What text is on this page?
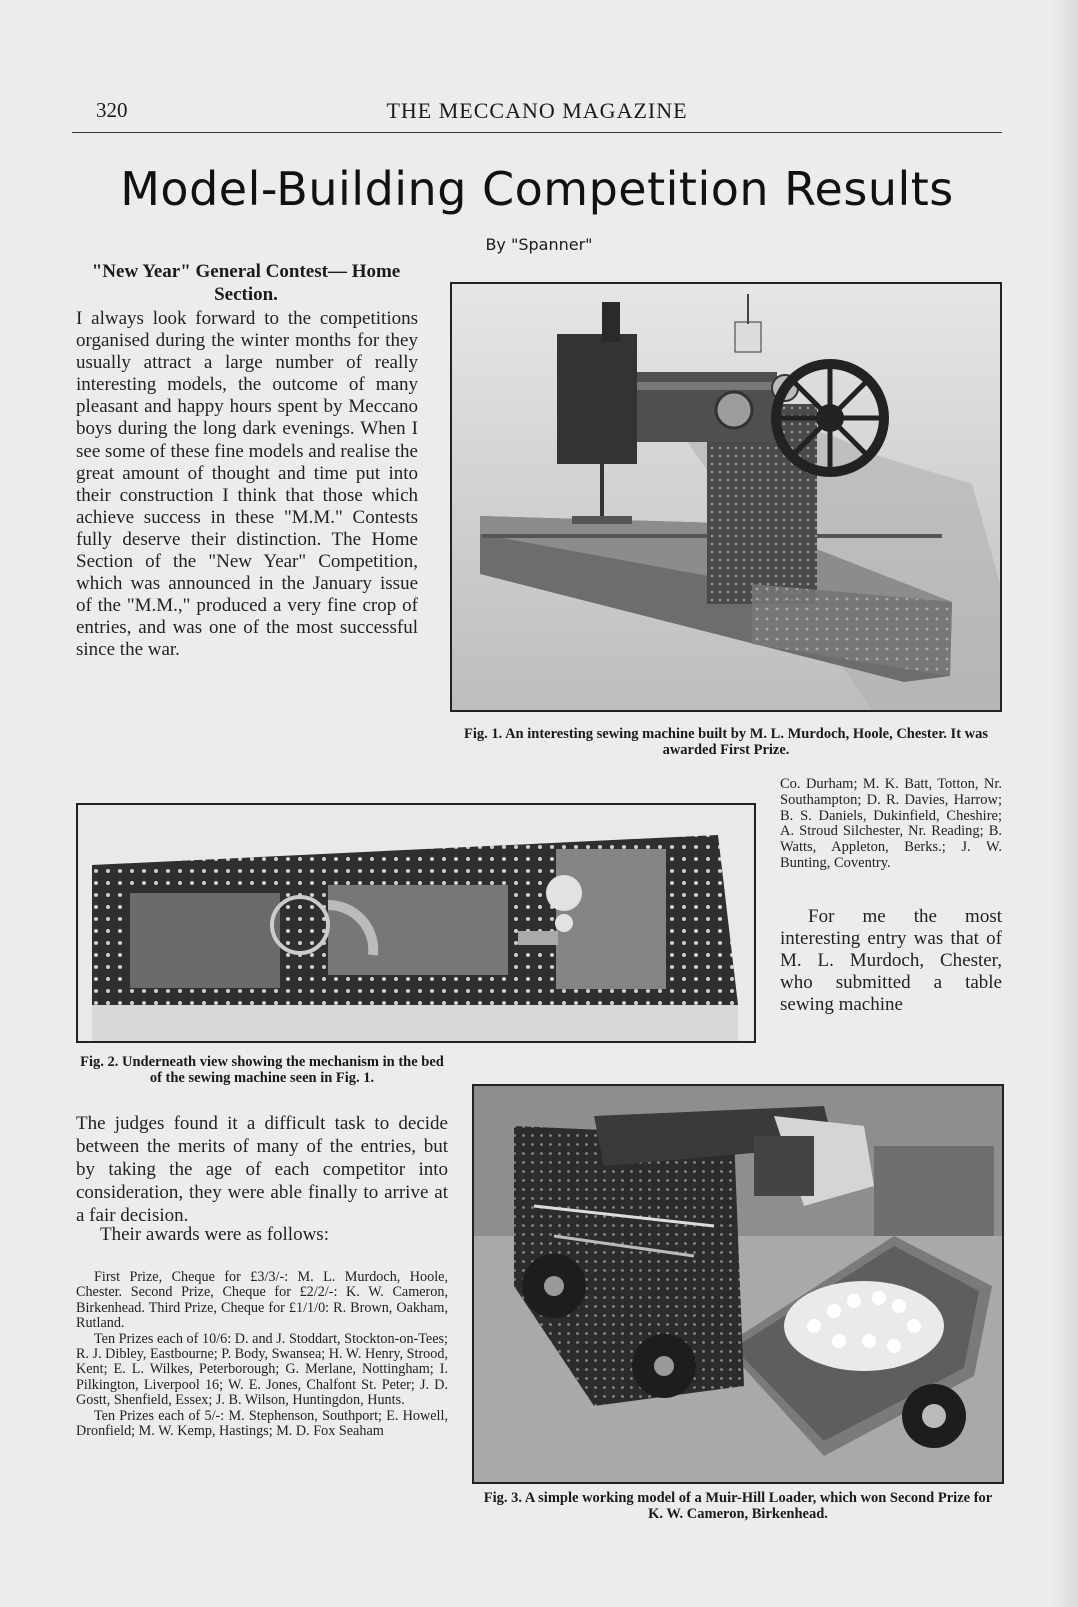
320	THE MECCANO MAGAZINE
Model-Building Competition Results
By "Spanner"
"New Year" General Contest— Home Section.
I always look forward to the competitions organised during the winter months for they usually attract a large number of really interesting models, the outcome of many pleasant and happy hours spent by Meccano boys during the long dark evenings. When I see some of these fine models and realise the great amount of thought and time put into their construction I think that those which achieve success in these "M.M." Contests fully deserve their distinction. The Home Section of the "New Year" Competition, which was announced in the January issue of the "M.M.," produced a very fine crop of entries, and was one of the most successful since the war.
Fig. 1. An interesting sewing machine built by M. L. Murdoch, Hoole, Chester. It was awarded First Prize.
Co. Durham; M. K. Batt, Totton, Nr. Southampton; D. R. Davies, Harrow; B. S. Daniels, Dukinfield, Cheshire; A. Stroud Silchester, Nr. Reading; B. Watts, Appleton, Berks.; J. W. Bunting, Coventry.
For me the most interesting entry was that of M. L. Murdoch, Chester, who submitted a table sewing machine
Fig. 2. Underneath view showing the mechanism in the bed of the sewing machine seen in Fig. 1.
The judges found it a difficult task to decide between the merits of many of the entries, but by taking the age of each competitor into consideration, they were able finally to arrive at a fair decision.
Their awards were as follows:

First Prize, Cheque for £3/3/-: M. L. Murdoch, Hoole, Chester. Second Prize, Cheque for £2/2/-: K. W. Cameron, Birkenhead. Third Prize, Cheque for £1/1/0: R. Brown, Oakham, Rutland.

Ten Prizes each of 10/6: D. and J. Stoddart, Stockton-on-Tees; R. J. Dibley, Eastbourne; P. Body, Swansea; H. W. Henry, Strood, Kent; E. L. Wilkes, Peterborough; G. Merlane, Nottingham; I. Pilkington, Liverpool 16; W. E. Jones, Chalfont St. Peter; J. D. Gostt, Shenfield, Essex; J. B. Wilson, Huntingdon, Hunts.

Ten Prizes each of 5/-: M. Stephenson, Southport; E. Howell, Dronfield; M. W. Kemp, Hastings; M. D. Fox Seaham

Fig. 3. A simple working model of a Muir-Hill Loader, which won Second Prize for K. W. Cameron, Birkenhead.
